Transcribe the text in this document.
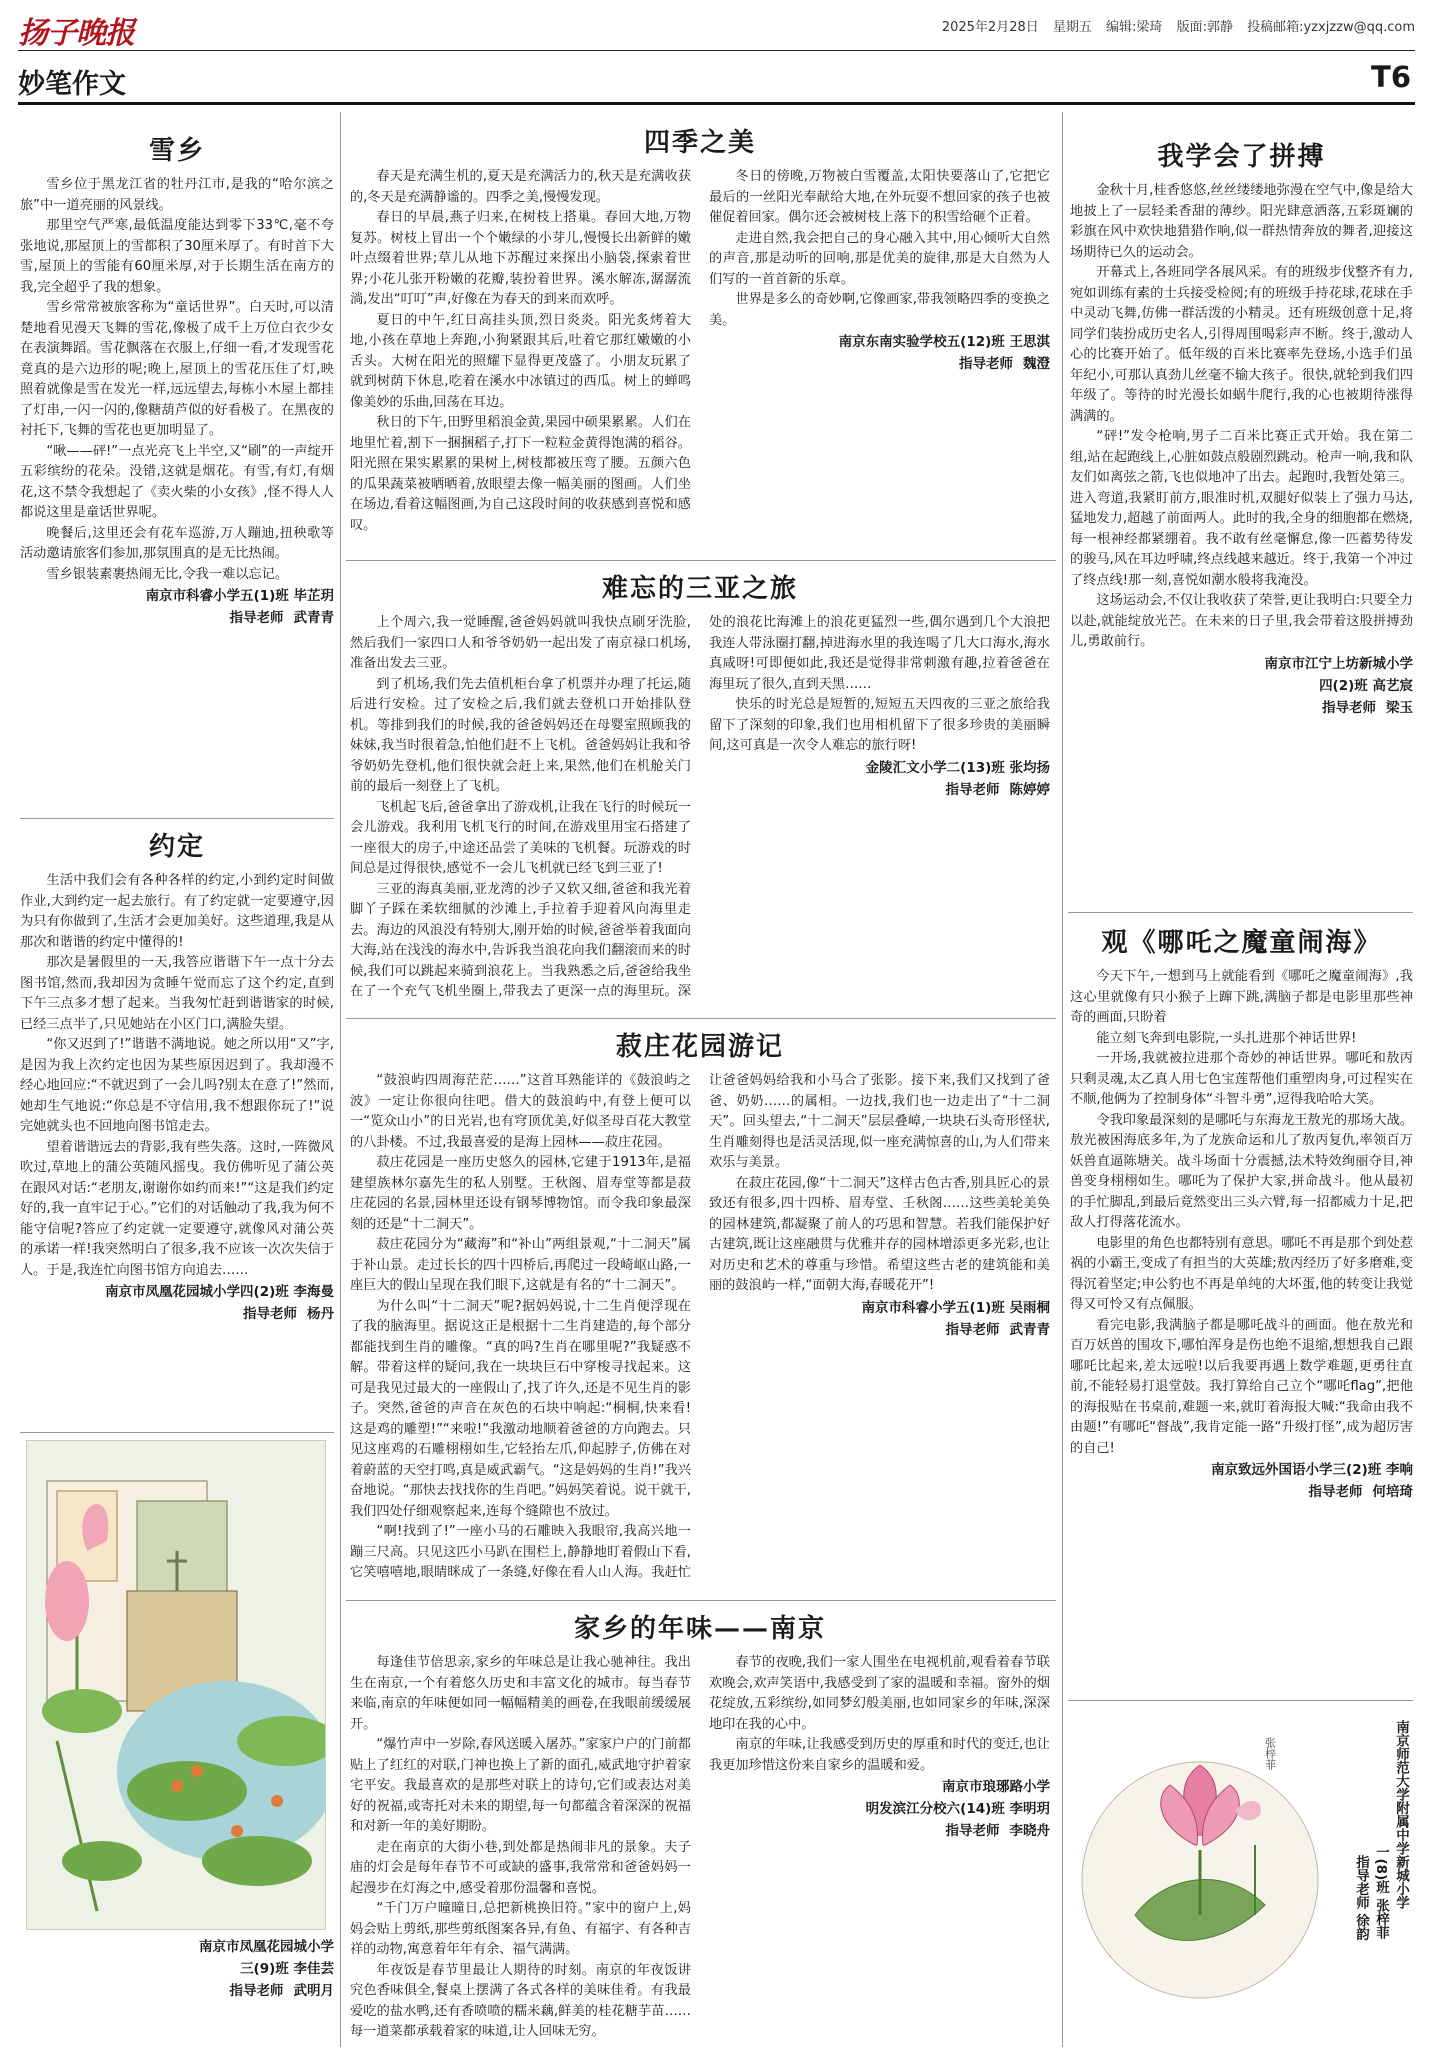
扬子晚报	2025年2月28日 星期五 编辑:梁琦 版面:郭静 投稿邮箱:yzxjzzw@qq.com
妙笔作文	T6
雪乡

雪乡位于黑龙江省的牡丹江市,是我的“哈尔滨之旅”中一道亮丽的风景线。

那里空气严寒,最低温度能达到零下33℃,毫不夸张地说,那屋顶上的雪都积了30厘米厚了。有时首下大雪,屋顶上的雪能有60厘米厚,对于长期生活在南方的我,完全超乎了我的想象。

雪乡常常被旅客称为“童话世界”。白天时,可以清楚地看见漫天飞舞的雪花,像极了成千上万位白衣少女在表演舞蹈。雪花飘落在衣服上,仔细一看,才发现雪花竟真的是六边形的呢;晚上,屋顶上的雪花压住了灯,映照着就像是雪在发光一样,远远望去,每栋小木屋上都挂了灯串,一闪一闪的,像糖葫芦似的好看极了。在黑夜的衬托下,飞舞的雪花也更加明显了。

“啾——砰!”一点光亮飞上半空,又“刷”的一声绽开五彩缤纷的花朵。没错,这就是烟花。有雪,有灯,有烟花,这不禁令我想起了《卖火柴的小女孩》,怪不得人人都说这里是童话世界呢。

晚餐后,这里还会有花车巡游,万人蹦迪,扭秧歌等活动邀请旅客们参加,那氛围真的是无比热闹。

雪乡银装素裹热闹无比,令我一难以忘记。

南京市科睿小学五(1)班 毕芷玥
指导老师 武青青
约定

生活中我们会有各种各样的约定,小到约定时间做作业,大到约定一起去旅行。有了约定就一定要遵守,因为只有你做到了,生活才会更加美好。这些道理,我是从那次和谐谐的约定中懂得的!

那次是暑假里的一天,我答应谐谐下午一点十分去图书馆,然而,我却因为贪睡午觉而忘了这个约定,直到下午三点多才想了起来。当我匆忙赶到谐谐家的时候,已经三点半了,只见她站在小区门口,满脸失望。

“你又迟到了!”谐谐不满地说。她之所以用“又”字,是因为我上次约定也因为某些原因迟到了。我却漫不经心地回应:“不就迟到了一会儿吗?别太在意了!”然而,她却生气地说:“你总是不守信用,我不想跟你玩了!”说完她就头也不回地向图书馆走去。

望着谐谐远去的背影,我有些失落。这时,一阵微风吹过,草地上的蒲公英随风摇曳。我仿佛听见了蒲公英在跟风对话:“老朋友,谢谢你如约而来!”“这是我们约定好的,我一直牢记于心。”它们的对话触动了我,我为何不能守信呢?答应了约定就一定要遵守,就像风对蒲公英的承诺一样!我突然明白了很多,我不应该一次次失信于人。于是,我连忙向图书馆方向追去……

南京市凤凰花园城小学四(2)班 李海曼
指导老师 杨丹
南京市凤凰花园城小学
三(9)班 李佳芸
指导老师 武明月
四季之美

春天是充满生机的,夏天是充满活力的,秋天是充满收获的,冬天是充满静谧的。四季之美,慢慢发现。

春日的早晨,燕子归来,在树枝上搭巢。春回大地,万物复苏。树枝上冒出一个个嫩绿的小芽儿,慢慢长出新鲜的嫩叶点缀着世界;草儿从地下苏醒过来探出小脑袋,探索着世界;小花儿张开粉嫩的花瓣,装扮着世界。溪水解冻,潺潺流淌,发出“叮叮”声,好像在为春天的到来而欢呼。

夏日的中午,红日高挂头顶,烈日炎炎。阳光炙烤着大地,小孩在草地上奔跑,小狗紧跟其后,吐着它那红嫩嫩的小舌头。大树在阳光的照耀下显得更茂盛了。小朋友玩累了就到树荫下休息,吃着在溪水中冰镇过的西瓜。树上的蝉鸣像美妙的乐曲,回荡在耳边。

秋日的下午,田野里稻浪金黄,果园中硕果累累。人们在地里忙着,割下一捆捆稻子,打下一粒粒金黄得饱满的稻谷。阳光照在果实累累的果树上,树枝都被压弯了腰。五颜六色的瓜果蔬菜被晒晒着,放眼望去像一幅美丽的图画。人们坐在场边,看着这幅图画,为自己这段时间的收获感到喜悦和感叹。

冬日的傍晚,万物被白雪覆盖,太阳快要落山了,它把它最后的一丝阳光奉献给大地,在外玩耍不想回家的孩子也被催促着回家。偶尔还会被树枝上落下的积雪给砸个正着。

走进自然,我会把自己的身心融入其中,用心倾听大自然的声音,那是动听的回响,那是优美的旋律,那是大自然为人们写的一首首新的乐章。

世界是多么的奇妙啊,它像画家,带我领略四季的变换之美。

南京东南实验学校五(12)班 王思淇
指导老师 魏澄
难忘的三亚之旅

上个周六,我一觉睡醒,爸爸妈妈就叫我快点刷牙洗脸,然后我们一家四口人和爷爷奶奶一起出发了南京禄口机场,准备出发去三亚。

到了机场,我们先去值机柜台拿了机票并办理了托运,随后进行安检。过了安检之后,我们就去登机口开始排队登机。等排到我们的时候,我的爸爸妈妈还在母婴室照顾我的妹妹,我当时很着急,怕他们赶不上飞机。爸爸妈妈让我和爷爷奶奶先登机,他们很快就会赶上来,果然,他们在机舱关门前的最后一刻登上了飞机。

飞机起飞后,爸爸拿出了游戏机,让我在飞行的时候玩一会儿游戏。我利用飞机飞行的时间,在游戏里用宝石搭建了一座很大的房子,中途还品尝了美味的飞机餐。玩游戏的时间总是过得很快,感觉不一会儿飞机就已经飞到三亚了!

三亚的海真美丽,亚龙湾的沙子又软又细,爸爸和我光着脚丫子踩在柔软细腻的沙滩上,手拉着手迎着风向海里走去。海边的风浪没有特别大,刚开始的时候,爸爸举着我面向大海,站在浅浅的海水中,告诉我当浪花向我们翻滚而来的时候,我们可以跳起来骑到浪花上。当我熟悉之后,爸爸给我坐在了一个充气飞机坐圈上,带我去了更深一点的海里玩。深处的浪花比海滩上的浪花更猛烈一些,偶尔遇到几个大浪把我连人带泳圈打翻,掉进海水里的我连喝了几大口海水,海水真咸呀!可即便如此,我还是觉得非常刺激有趣,拉着爸爸在海里玩了很久,直到天黑……

快乐的时光总是短暂的,短短五天四夜的三亚之旅给我留下了深刻的印象,我们也用相机留下了很多珍贵的美丽瞬间,这可真是一次令人难忘的旅行呀!

金陵汇文小学二(13)班 张均扬
指导老师 陈婷婷
菽庄花园游记

“鼓浪屿四周海茫茫……”这首耳熟能详的《鼓浪屿之波》一定让你很向往吧。借大的鼓浪屿中,有登上便可以一“览众山小”的日光岩,也有穹顶优美,好似圣母百花大教堂的八卦楼。不过,我最喜爱的是海上园林——菽庄花园。

菽庄花园是一座历史悠久的园林,它建于1913年,是福建望族林尔嘉先生的私人别墅。王秋阁、眉寿堂等都是菽庄花园的名景,园林里还设有钢琴博物馆。而令我印象最深刻的还是“十二洞天”。

菽庄花园分为“藏海”和“补山”两组景观,“十二洞天”属于补山景。走过长长的四十四桥后,再爬过一段崎岖山路,一座巨大的假山呈现在我们眼下,这就是有名的“十二洞天”。

为什么叫“十二洞天”呢?据妈妈说,十二生肖便浮现在了我的脑海里。据说这正是根据十二生肖建造的,每个部分都能找到生肖的雕像。“真的吗?生肖在哪里呢?”我疑惑不解。带着这样的疑问,我在一块块巨石中穿梭寻找起来。这可是我见过最大的一座假山了,找了许久,还是不见生肖的影子。突然,爸爸的声音在灰色的石块中响起:“桐桐,快来看!这是鸡的雕塑!”“来啦!”我激动地顺着爸爸的方向跑去。只见这座鸡的石雕栩栩如生,它轻抬左爪,仰起脖子,仿佛在对着蔚蓝的天空打鸣,真是威武霸气。“这是妈妈的生肖!”我兴奋地说。“那快去找找你的生肖吧。”妈妈笑着说。说干就干,我们四处仔细观察起来,连每个缝隙也不放过。

“啊!找到了!”一座小马的石雕映入我眼帘,我高兴地一蹦三尺高。只见这匹小马趴在围栏上,静静地盯着假山下看,它笑嘻嘻地,眼睛眯成了一条缝,好像在看人山人海。我赶忙让爸爸妈妈给我和小马合了张影。接下来,我们又找到了爸爸、奶奶……的属相。一边找,我们也一边走出了“十二洞天”。回头望去,“十二洞天”层层叠嶂,一块块石头奇形怪状,生肖雕刻得也是活灵活现,似一座充满惊喜的山,为人们带来欢乐与美景。

在菽庄花园,像“十二洞天”这样古色古香,别具匠心的景致还有很多,四十四桥、眉寿堂、壬秋阁……这些美轮美奂的园林建筑,都凝聚了前人的巧思和智慧。若我们能保护好古建筑,既让这座融贯与优雅并存的园林增添更多光彩,也让对历史和艺术的尊重与珍惜。希望这些古老的建筑能和美丽的鼓浪屿一样,“面朝大海,春暖花开”!

南京市科睿小学五(1)班 吴雨桐
指导老师 武青青
家乡的年味——南京

每逢佳节倍思亲,家乡的年味总是让我心驰神往。我出生在南京,一个有着悠久历史和丰富文化的城市。每当春节来临,南京的年味便如同一幅幅精美的画卷,在我眼前缓缓展开。

“爆竹声中一岁除,春风送暖入屠苏。”家家户户的门前都贴上了红红的对联,门神也换上了新的面孔,威武地守护着家宅平安。我最喜欢的是那些对联上的诗句,它们或表达对美好的祝福,或寄托对未来的期望,每一句都蕴含着深深的祝福和对新一年的美好期盼。

走在南京的大街小巷,到处都是热闹非凡的景象。夫子庙的灯会是每年春节不可或缺的盛事,我常常和爸爸妈妈一起漫步在灯海之中,感受着那份温馨和喜悦。

“千门万户曈曈日,总把新桃换旧符。”家中的窗户上,妈妈会贴上剪纸,那些剪纸图案各异,有鱼、有福字、有各种吉祥的动物,寓意着年年有余、福气满满。

年夜饭是春节里最让人期待的时刻。南京的年夜饭讲究色香味俱全,餐桌上摆满了各式各样的美味佳肴。有我最爱吃的盐水鸭,还有香喷喷的糯米藕,鲜美的桂花糖芋苗……每一道菜都承载着家的味道,让人回味无穷。

春节的夜晚,我们一家人围坐在电视机前,观看着春节联欢晚会,欢声笑语中,我感受到了家的温暖和幸福。窗外的烟花绽放,五彩缤纷,如同梦幻般美丽,也如同家乡的年味,深深地印在我的心中。

南京的年味,让我感受到历史的厚重和时代的变迁,也让我更加珍惜这份来自家乡的温暖和爱。

南京市琅琊路小学
明发滨江分校六(14)班 李明玥
指导老师 李晓舟
我学会了拼搏

金秋十月,桂香悠悠,丝丝缕缕地弥漫在空气中,像是给大地披上了一层轻柔香甜的薄纱。阳光肆意洒落,五彩斑斓的彩旗在风中欢快地猎猎作响,似一群热情奔放的舞者,迎接这场期待已久的运动会。

开幕式上,各班同学各展风采。有的班级步伐整齐有力,宛如训练有素的士兵接受检阅;有的班级手持花球,花球在手中灵动飞舞,仿佛一群活泼的小精灵。还有班级创意十足,将同学们装扮成历史名人,引得周围喝彩声不断。终于,激动人心的比赛开始了。低年级的百米比赛率先登场,小选手们虽年纪小,可那认真劲儿丝毫不输大孩子。很快,就轮到我们四年级了。等待的时光漫长如蜗牛爬行,我的心也被期待涨得满满的。

“砰!”发令枪响,男子二百米比赛正式开始。我在第二组,站在起跑线上,心脏如鼓点般剧烈跳动。枪声一响,我和队友们如离弦之箭,飞也似地冲了出去。起跑时,我暂处第三。进入弯道,我紧盯前方,眼准时机,双腿好似装上了强力马达,猛地发力,超越了前面两人。此时的我,全身的细胞都在燃烧,每一根神经都紧绷着。我不敢有丝毫懈怠,像一匹蓄势待发的骏马,风在耳边呼啸,终点线越来越近。终于,我第一个冲过了终点线!那一刻,喜悦如潮水般将我淹没。

这场运动会,不仅让我收获了荣誉,更让我明白:只要全力以赴,就能绽放光芒。在未来的日子里,我会带着这股拼搏劲儿,勇敢前行。

南京市江宁上坊新城小学
四(2)班 高艺宸
指导老师 梁玉
观《哪吒之魔童闹海》

今天下午,一想到马上就能看到《哪吒之魔童闹海》,我这心里就像有只小猴子上蹿下跳,满脑子都是电影里那些神奇的画面,只盼着

能立刻飞奔到电影院,一头扎进那个神话世界!

一开场,我就被拉进那个奇妙的神话世界。哪吒和敖丙只剩灵魂,太乙真人用七色宝莲帮他们重塑肉身,可过程实在不顺,他俩为了控制身体“斗智斗勇”,逗得我哈哈大笑。

令我印象最深刻的是哪吒与东海龙王敖光的那场大战。敖光被困海底多年,为了龙族命运和儿了敖丙复仇,率领百万妖兽直逼陈塘关。战斗场面十分震撼,法术特效绚丽夺目,神兽变身栩栩如生。哪吒为了保护大家,拼命战斗。他从最初的手忙脚乱,到最后竟然变出三头六臂,每一招都威力十足,把敌人打得落花流水。

电影里的角色也都特别有意思。哪吒不再是那个到处惹祸的小霸王,变成了有担当的大英雄;敖丙经历了好多磨难,变得沉着坚定;申公豹也不再是单纯的大坏蛋,他的转变让我觉得又可怜又有点佩服。

看完电影,我满脑子都是哪吒战斗的画面。他在敖光和百万妖兽的围攻下,哪怕浑身是伤也绝不退缩,想想我自己跟哪吒比起来,差太远啦!以后我要再遇上数学难题,更勇往直前,不能轻易打退堂鼓。我打算给自己立个“哪吒flag”,把他的海报贴在书桌前,难题一来,就盯着海报大喊:“我命由我不由题!”有哪吒“督战”,我肯定能一路“升级打怪”,成为超厉害的自己!

南京致远外国语小学三(2)班 李响
指导老师 何培琦
张梓菲	南京师范大学附属中学新城小学
一(8)班 张梓菲
指导老师 徐韵
